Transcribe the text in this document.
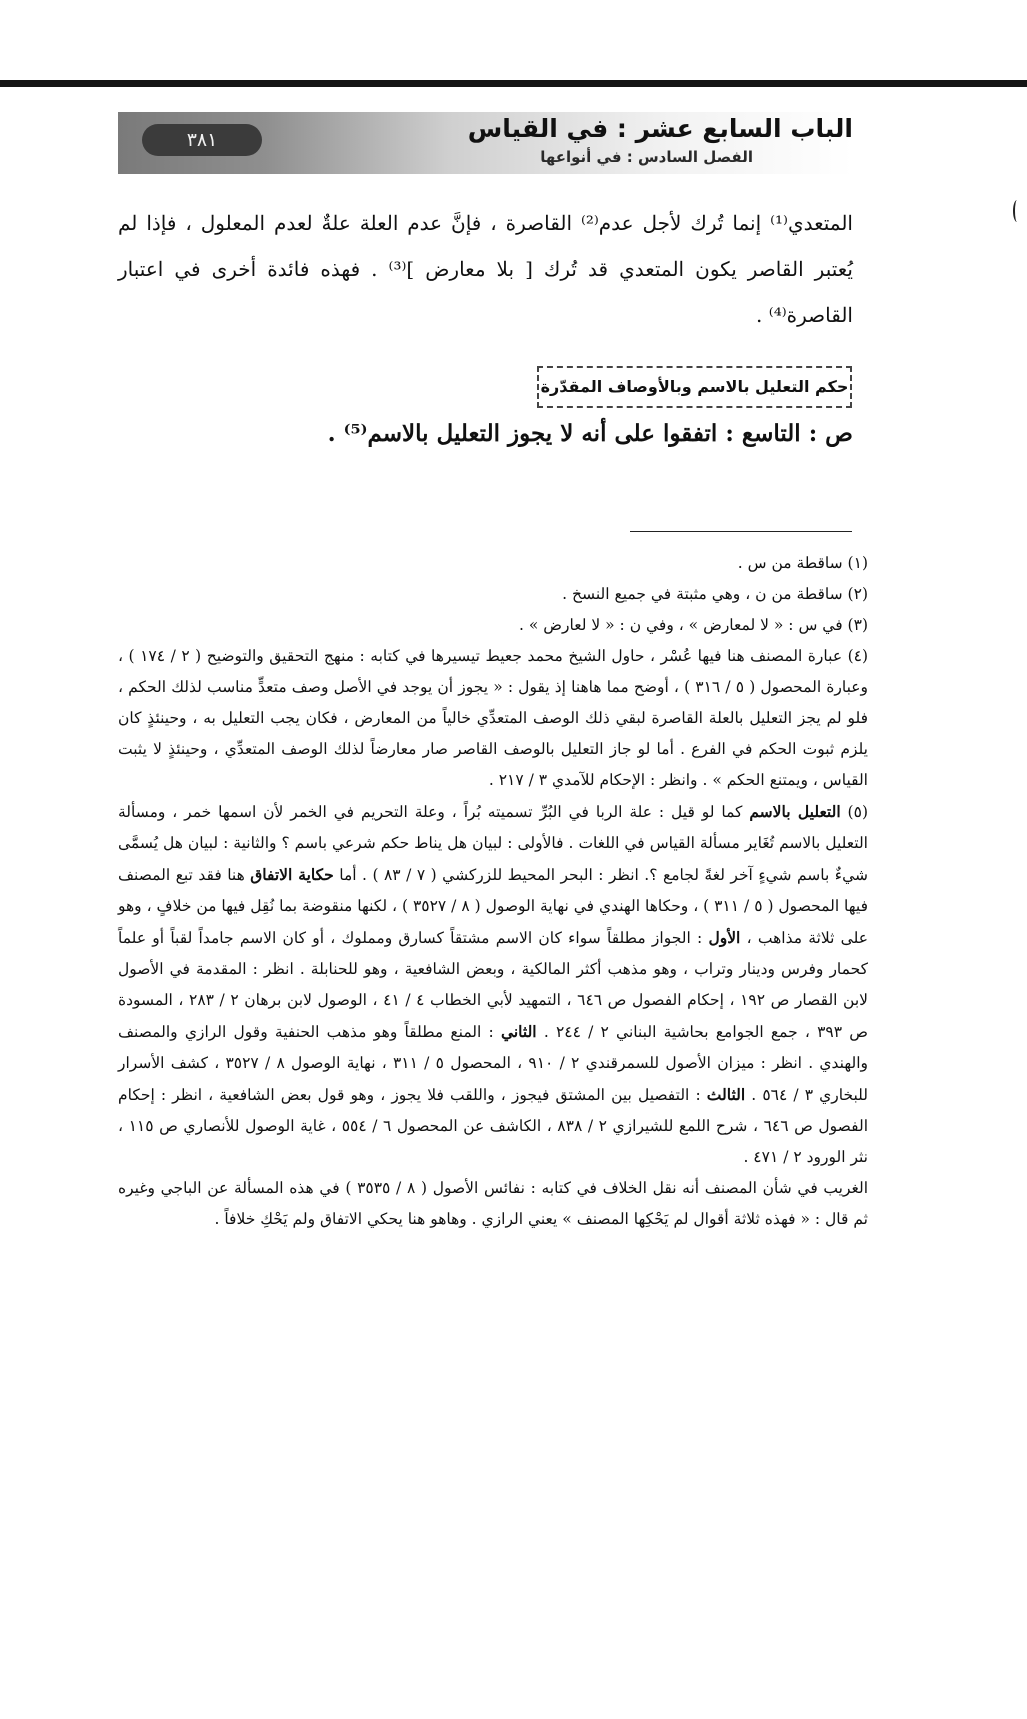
٣٨١	الباب السابع عشر : في القياس
الفصل السادس : في أنواعها

المتعدي⁽¹⁾ إنما تُرك لأجل عدم⁽²⁾ القاصرة ، فإنَّ عدم العلة علةٌ لعدم المعلول ، فإذا لم يُعتبر القاصر يكون المتعدي قد تُرك [ بلا معارض ]⁽³⁾ . فهذه فائدة أخرى في اعتبار القاصرة⁽⁴⁾ .

حكم التعليل بالاسم وبالأوصاف المقدّرة
ص : التاسع : اتفقوا على أنه لا يجوز التعليل بالاسم⁽⁵⁾ .

(١) ساقطة من س .

(٢) ساقطة من ن ، وهي مثبتة في جميع النسخ .

(٣) في س : « لا لمعارض » ، وفي ن : « لا لعارض » .

(٤) عبارة المصنف هنا فيها عُسْر ، حاول الشيخ محمد جعيط تيسيرها في كتابه : منهج التحقيق والتوضيح ( ٢ / ١٧٤ ) ، وعبارة المحصول ( ٥ / ٣١٦ ) ، أوضح مما هاهنا إذ يقول : « يجوز أن يوجد في الأصل وصف متعدٍّ مناسب لذلك الحكم ، فلو لم يجز التعليل بالعلة القاصرة لبقي ذلك الوصف المتعدِّي خالياً من المعارض ، فكان يجب التعليل به ، وحينئذٍ كان يلزم ثبوت الحكم في الفرع . أما لو جاز التعليل بالوصف القاصر صار معارضاً لذلك الوصف المتعدِّي ، وحينئذٍ لا يثبت القياس ، ويمتنع الحكم » . وانظر : الإحكام للآمدي ٣ / ٢١٧ .

(٥) التعليل بالاسم كما لو قيل : علة الربا في البُرِّ تسميته بُراً ، وعلة التحريم في الخمر لأن اسمها خمر ، ومسألة التعليل بالاسم تُغَاير مسألة القياس في اللغات . فالأولى : لبيان هل يناط حكم شرعي باسم ؟ والثانية : لبيان هل يُسمَّى شيءٌ باسم شيءٍ آخر لغةً لجامع ؟. انظر : البحر المحيط للزركشي ( ٧ / ٨٣ ) . أما حكاية الاتفاق هنا فقد تبع المصنف فيها المحصول ( ٥ / ٣١١ ) ، وحكاها الهندي في نهاية الوصول ( ٨ / ٣٥٢٧ ) ، لكنها منقوضة بما نُقِل فيها من خلافٍ ، وهو على ثلاثة مذاهب ، الأول : الجواز مطلقاً سواء كان الاسم مشتقاً كسارق ومملوك ، أو كان الاسم جامداً لقباً أو علماً كحمار وفرس ودينار وتراب ، وهو مذهب أكثر المالكية ، وبعض الشافعية ، وهو للحنابلة . انظر : المقدمة في الأصول لابن القصار ص ١٩٢ ، إحكام الفصول ص ٦٤٦ ، التمهيد لأبي الخطاب ٤ / ٤١ ، الوصول لابن برهان ٢ / ٢٨٣ ، المسودة ص ٣٩٣ ، جمع الجوامع بحاشية البناني ٢ / ٢٤٤ . الثاني : المنع مطلقاً وهو مذهب الحنفية وقول الرازي والمصنف والهندي . انظر : ميزان الأصول للسمرقندي ٢ / ٩١٠ ، المحصول ٥ / ٣١١ ، نهاية الوصول ٨ / ٣٥٢٧ ، كشف الأسرار للبخاري ٣ / ٥٦٤ . الثالث : التفصيل بين المشتق فيجوز ، واللقب فلا يجوز ، وهو قول بعض الشافعية ، انظر : إحكام الفصول ص ٦٤٦ ، شرح اللمع للشيرازي ٢ / ٨٣٨ ، الكاشف عن المحصول ٦ / ٥٥٤ ، غاية الوصول للأنصاري ص ١١٥ ، نثر الورود ٢ / ٤٧١ .

الغريب في شأن المصنف أنه نقل الخلاف في كتابه : نفائس الأصول ( ٨ / ٣٥٣٥ ) في هذه المسألة عن الباجي وغيره ثم قال : « فهذه ثلاثة أقوال لم يَحْكِها المصنف » يعني الرازي . وهاهو هنا يحكي الاتفاق ولم يَحْكِ خلافاً .
